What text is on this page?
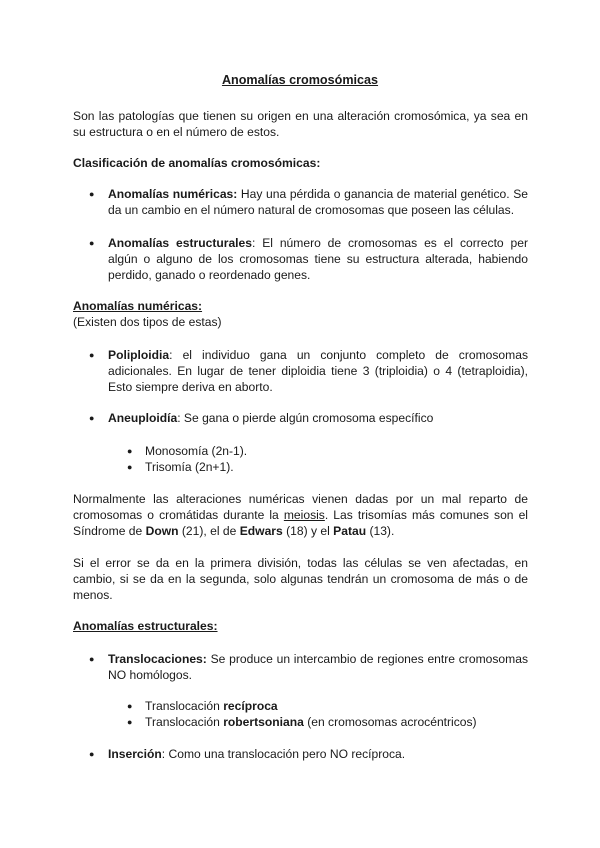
Anomalías cromosómicas
Son las patologías que tienen su origen en una alteración cromosómica, ya sea en su estructura o en el número de estos.
Clasificación de anomalías cromosómicas:
● Anomalías numéricas: Hay una pérdida o ganancia de material genético. Se da un cambio en el número natural de cromosomas que poseen las células.
● Anomalías estructurales: El número de cromosomas es el correcto per algún o alguno de los cromosomas tiene su estructura alterada, habiendo perdido, ganado o reordenado genes.
Anomalías numéricas:
(Existen dos tipos de estas)
● Poliploidia: el individuo gana un conjunto completo de cromosomas adicionales. En lugar de tener diploidia tiene 3 (triploidia) o 4 (tetraploidia), Esto siempre deriva en aborto.
● Aneuploidía: Se gana o pierde algún cromosoma específico
● Monosomía (2n-1).
● Trisomía (2n+1).
Normalmente las alteraciones numéricas vienen dadas por un mal reparto de cromosomas o cromátidas durante la meiosis. Las trisomías más comunes son el Síndrome de Down (21), el de Edwars (18) y el Patau (13).
Si el error se da en la primera división, todas las células se ven afectadas, en cambio, si se da en la segunda, solo algunas tendrán un cromosoma de más o de menos.
Anomalías estructurales:
● Translocaciones: Se produce un intercambio de regiones entre cromosomas NO homólogos.
● Translocación recíproca
● Translocación robertsoniana (en cromosomas acrocéntricos)
● Inserción: Como una translocación pero NO recíproca.
